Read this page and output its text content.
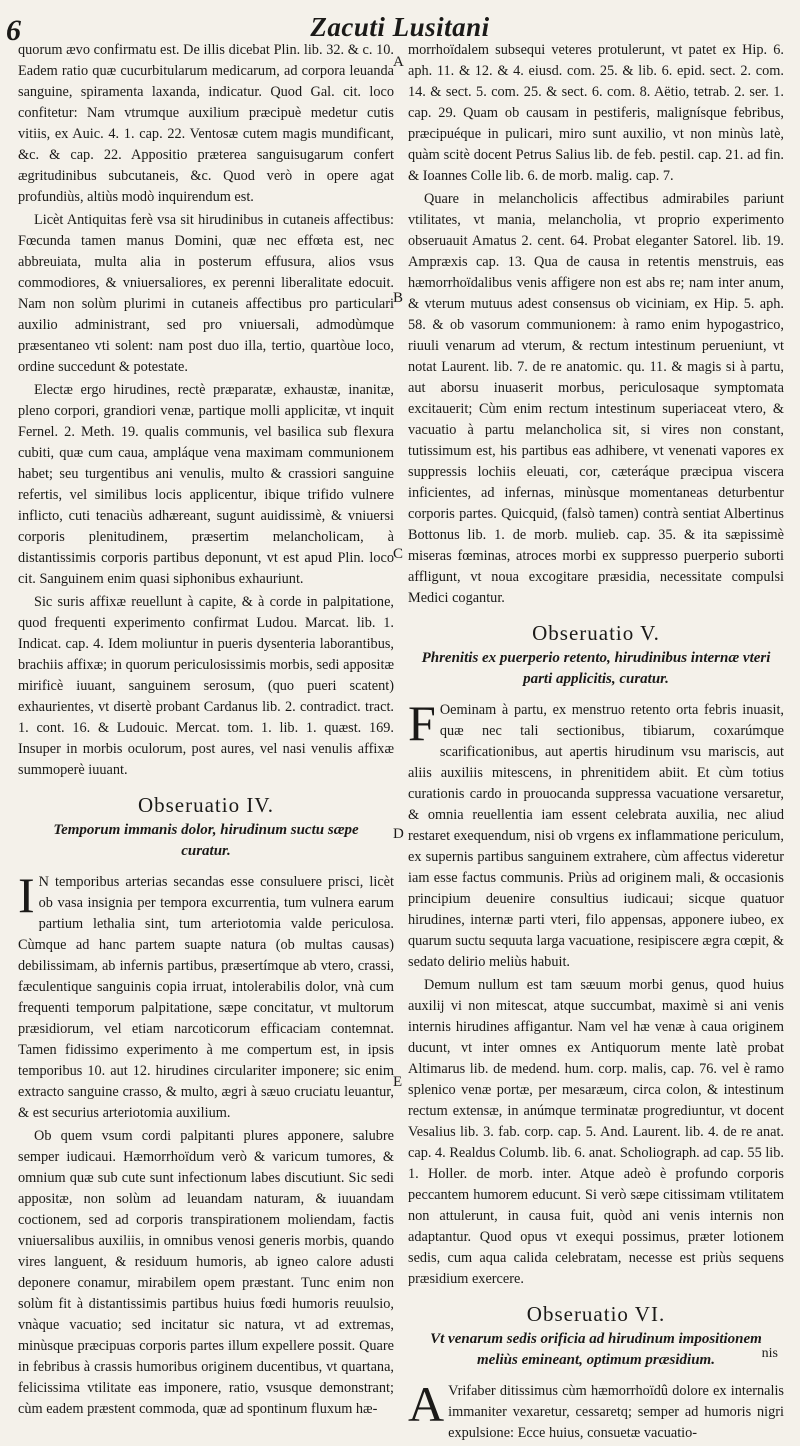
6	Zacuti Lusitani
A
B
C
D
E

quorum ævo confirmatu est. De illis dicebat Plin. lib. 32. & c. 10. Eadem ratio quæ cucurbitularum medicarum, ad corpora leuanda sanguine, spiramenta laxanda, indicatur. Quod Gal. cit. loco confitetur: Nam vtrumque auxilium præcipuè medetur cutis vitiis, ex Auic. 4. 1. cap. 22. Ventosæ cutem magis mundificant, &c. & cap. 22. Appositio præterea sanguisugarum confert ægritudinibus subcutaneis, &c. Quod verò in opere agat profundiùs, altiùs modò inquirendum est.

Licèt Antiquitas ferè vsa sit hirudinibus in cutaneis affectibus: Fœcunda tamen manus Domini, quæ nec effœta est, nec abbreuiata, multa alia in posterum effusura, alios vsus commodiores, & vniuersaliores, ex perenni liberalitate edocuit. Nam non solùm plurimi in cutaneis affectibus pro particulari auxilio administrant, sed pro vniuersali, admodùmque præsentaneo vti solent: nam post duo illa, tertio, quartòue loco, ordine succedunt & potestate.

Electæ ergo hirudines, rectè præparatæ, exhaustæ, inanitæ, pleno corpori, grandiori venæ, partique molli applicitæ, vt inquit Fernel. 2. Meth. 19. qualis communis, vel basilica sub flexura cubiti, quæ cum caua, ampláque vena maximam communionem habet; seu turgentibus ani venulis, multo & crassiori sanguine refertis, vel similibus locis applicentur, ibique trifido vulnere inflicto, cuti tenaciùs adhæreant, sugunt auidissimè, & vniuersi corporis plenitudinem, præsertim melancholicam, à distantissimis corporis partibus deponunt, vt est apud Plin. loco cit. Sanguinem enim quasi siphonibus exhauriunt.

Sic suris affixæ reuellunt à capite, & à corde in palpitatione, quod frequenti experimento confirmat Ludou. Marcat. lib. 1. Indicat. cap. 4. Idem moliuntur in pueris dysenteria laborantibus, brachiis affixæ; in quorum periculosissimis morbis, sedi appositæ mirificè iuuant, sanguinem serosum, (quo pueri scatent) exhaurientes, vt disertè probant Cardanus lib. 2. contradict. tract. 1. cont. 16. & Ludouic. Mercat. tom. 1. lib. 1. quæst. 169. Insuper in morbis oculorum, post aures, vel nasi venulis affixæ summoperè iuuant.

Obseruatio IV.
Temporum immanis dolor, hirudinum suctu sæpe curatur.

I N temporibus arterias secandas esse consuluere prisci, licèt ob vasa insignia per tempora excurrentia, tum vulnera earum partium lethalia sint, tum arteriotomia valde periculosa. Cùmque ad hanc partem suapte natura (ob multas causas) debilissimam, ab infernis partibus, præsertímque ab vtero, crassi, fæculentique sanguinis copia irruat, intolerabilis dolor, vnà cum frequenti temporum palpitatione, sæpe concitatur, vt multorum præsidiorum, vel etiam narcoticorum efficaciam contemnat. Tamen fidissimo experimento à me compertum est, in ipsis temporibus 10. aut 12. hirudines circulariter imponere; sic enim extracto sanguine crasso, & multo, ægri à sæuo cruciatu leuantur, & est securius arteriotomia auxilium.

Ob quem vsum cordi palpitanti plures apponere, salubre semper iudicaui. Hæmorrhoïdum verò & varicum tumores, & omnium quæ sub cute sunt infectionum labes discutiunt. Sic sedi appositæ, non solùm ad leuandam naturam, & iuuandam coctionem, sed ad corporis transpirationem moliendam, factis vniuersalibus auxiliis, in omnibus venosi generis morbis, quando vires languent, & residuum humoris, ab igneo calore adusti deponere conamur, mirabilem opem præstant. Tunc enim non solùm fit à distantissimis partibus huius fœdi humoris reuulsio, vnàque vacuatio; sed incitatur sic natura, vt ad extremas, minùsque præcipuas corporis partes illum expellere possit. Quare in febribus à crassis humoribus originem ducentibus, vt quartana, felicissima vtilitate eas imponere, ratio, vsusque demonstrant; cùm eadem præstent commoda, quæ ad spontinum fluxum hæ-

morrhoïdalem subsequi veteres protulerunt, vt patet ex Hip. 6. aph. 11. & 12. & 4. eiusd. com. 25. & lib. 6. epid. sect. 2. com. 14. & sect. 5. com. 25. & sect. 6. com. 8. Aëtio, tetrab. 2. ser. 1. cap. 29. Quam ob causam in pestiferis, malignísque febribus, præcipuéque in pulicari, miro sunt auxilio, vt non minùs latè, quàm scitè docent Petrus Salius lib. de feb. pestil. cap. 21. ad fin. & Ioannes Colle lib. 6. de morb. malig. cap. 7.

Quare in melancholicis affectibus admirabiles pariunt vtilitates, vt mania, melancholia, vt proprio experimento obseruauit Amatus 2. cent. 64. Probat eleganter Satorel. lib. 19. Ampræxis cap. 13. Qua de causa in retentis menstruis, eas hæmorrhoïdalibus venis affigere non est abs re; nam inter anum, & vterum mutuus adest consensus ob viciniam, ex Hip. 5. aph. 58. & ob vasorum communionem: à ramo enim hypogastrico, riuuli venarum ad vterum, & rectum intestinum perueniunt, vt notat Laurent. lib. 7. de re anatomic. qu. 11. & magis si à partu, aut aborsu inuaserit morbus, periculosaque symptomata excitauerit; Cùm enim rectum intestinum superiaceat vtero, & vacuatio à partu melancholica sit, si vires non constant, tutissimum est, his partibus eas adhibere, vt venenati vapores ex suppressis lochiis eleuati, cor, cæteráque præcipua viscera inficientes, ad infernas, minùsque momentaneas deturbentur corporis partes. Quicquid, (falsò tamen) contrà sentiat Albertinus Bottonus lib. 1. de morb. mulieb. cap. 35. & ita sæpissimè miseras fœminas, atroces morbi ex suppresso puerperio suborti affligunt, vt noua excogitare præsidia, necessitate compulsi Medici cogantur.

Obseruatio V.
Phrenitis ex puerperio retento, hirudinibus internæ vteri parti applicitis, curatur.

F Oeminam à partu, ex menstruo retento orta febris inuasit, quæ nec tali sectionibus, tibiarum, coxarúmque scarificationibus, aut apertis hirudinum vsu mariscis, aut aliis auxiliis mitescens, in phrenitidem abiit. Et cùm totius curationis cardo in prouocanda suppressa vacuatione versaretur, & omnia reuellentia iam essent celebrata auxilia, nec aliud restaret exequendum, nisi ob vrgens ex inflammatione periculum, ex supernis partibus sanguinem extrahere, cùm affectus videretur iam esse factus communis. Priùs ad originem mali, & occasionis principium deuenire consultius iudicaui; sicque quatuor hirudines, internæ parti vteri, filo appensas, apponere iubeo, ex quarum suctu sequuta larga vacuatione, resipiscere ægra cœpit, & sedato delirio meliùs habuit.

Demum nullum est tam sæuum morbi genus, quod huius auxilij vi non mitescat, atque succumbat, maximè si ani venis internis hirudines affigantur. Nam vel hæ venæ à caua originem ducunt, vt inter omnes ex Antiquorum mente latè probat Altimarus lib. de medend. hum. corp. malis, cap. 76. vel è ramo splenico venæ portæ, per mesaræum, circa colon, & intestinum rectum extensæ, in anúmque terminatæ progrediuntur, vt docent Vesalius lib. 3. fab. corp. cap. 5. And. Laurent. lib. 4. de re anat. cap. 4. Realdus Columb. lib. 6. anat. Scholiograph. ad cap. 55 lib. 1. Holler. de morb. inter. Atque adeò è profundo corporis peccantem humorem educunt. Si verò sæpe citissimam vtilitatem non attulerunt, in causa fuit, quòd ani venis internis non adaptantur. Quod opus vt exequi possimus, præter lotionem sedis, cum aqua calida celebratam, necesse est priùs sequens præsidium exercere.

Obseruatio VI.
Vt venarum sedis orificia ad hirudinum impositionem meliùs emineant, optimum præsidium.

A Vrifaber ditissimus cùm hæmorrhoïdû dolore ex internalis immaniter vexaretur, cessaretq; semper ad humoris nigri expulsione: Ecce huius, consuetæ vacuatio-

nis
